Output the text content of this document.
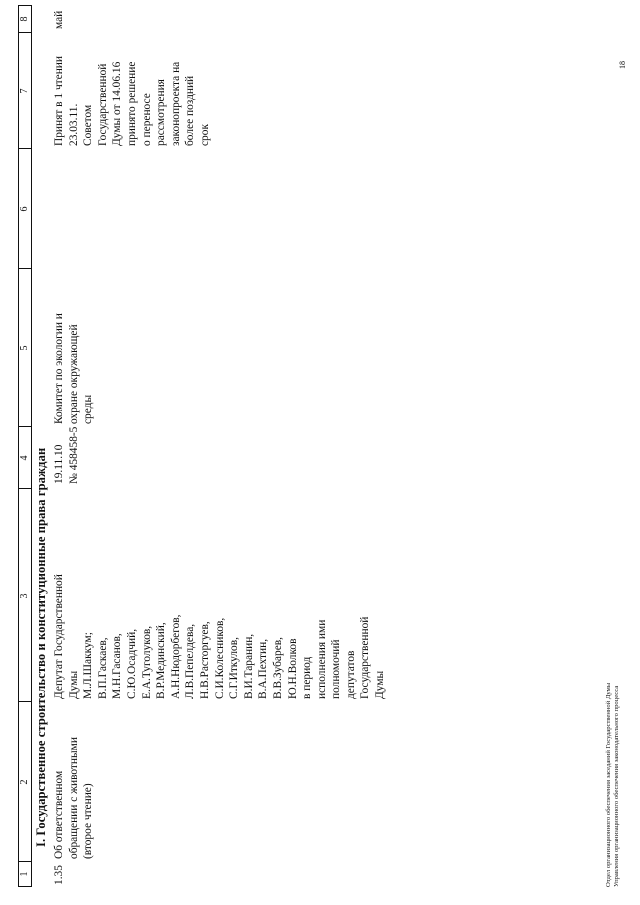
1
2
3
4
5
6
7
8
I. Государственное строительство и конституционные права граждан
1.35
Об ответственном обращении с животными (второе чтение)
Депутат Государственной Думы М.Л.Шаккум; В.П.Гаскаев, М.Н.Гасанов, С.Ю.Осадчий, Е.А.Туголуков, В.Р.Мединский, А.Н.Нюдорбегов, Л.В.Пепелдева, Н.В.Расторгуев, С.И.Колесников, С.Г.Иткулов, В.И.Таранин, В.А.Пехтин, В.В.Зубарев, Ю.Н.Волков в период исполнения ими полномочий депутатов Государственной Думы
19.11.10 № 458458-5
Комитет по экологии и охране окружающей среды
Принят в 1 чтении 23.03.11. Советом Государственной Думы от 14.06.16 принято решение о переносе рассмотрения законопроекта на более поздний срок
май
Отдел организационного обеспечения заседаний Государственной Думы Управления организационного обеспечения законодательного процесса
18
